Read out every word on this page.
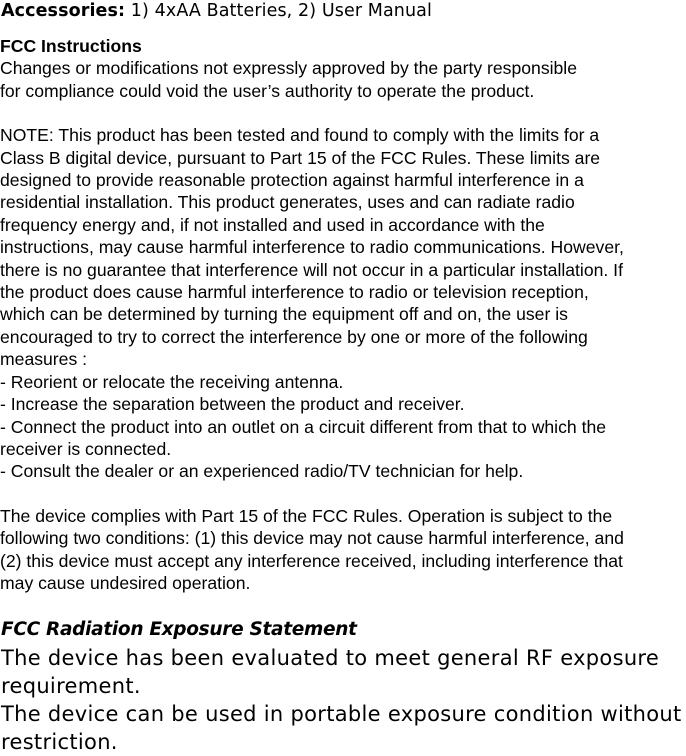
Accessories: 1) 4xAA Batteries, 2) User Manual

FCC Instructions

Changes or modifications not expressly approved by the party responsible

for compliance could void the user’s authority to operate the product.

NOTE: This product has been tested and found to comply with the limits for a

Class B digital device, pursuant to Part 15 of the FCC Rules. These limits are

designed to provide reasonable protection against harmful interference in a

residential installation. This product generates, uses and can radiate radio

frequency energy and, if not installed and used in accordance with the

instructions, may cause harmful interference to radio communications. However,

there is no guarantee that interference will not occur in a particular installation. If

the product does cause harmful interference to radio or television reception,

which can be determined by turning the equipment off and on, the user is

encouraged to try to correct the interference by one or more of the following

measures :

- Reorient or relocate the receiving antenna.

- Increase the separation between the product and receiver.

- Connect the product into an outlet on a circuit different from that to which the

receiver is connected.

- Consult the dealer or an experienced radio/TV technician for help.

The device complies with Part 15 of the FCC Rules. Operation is subject to the

following two conditions: (1) this device may not cause harmful interference, and

(2) this device must accept any interference received, including interference that

may cause undesired operation.

FCC Radiation Exposure Statement

The device has been evaluated to meet general RF exposure

requirement.

The device can be used in portable exposure condition without

restriction.
